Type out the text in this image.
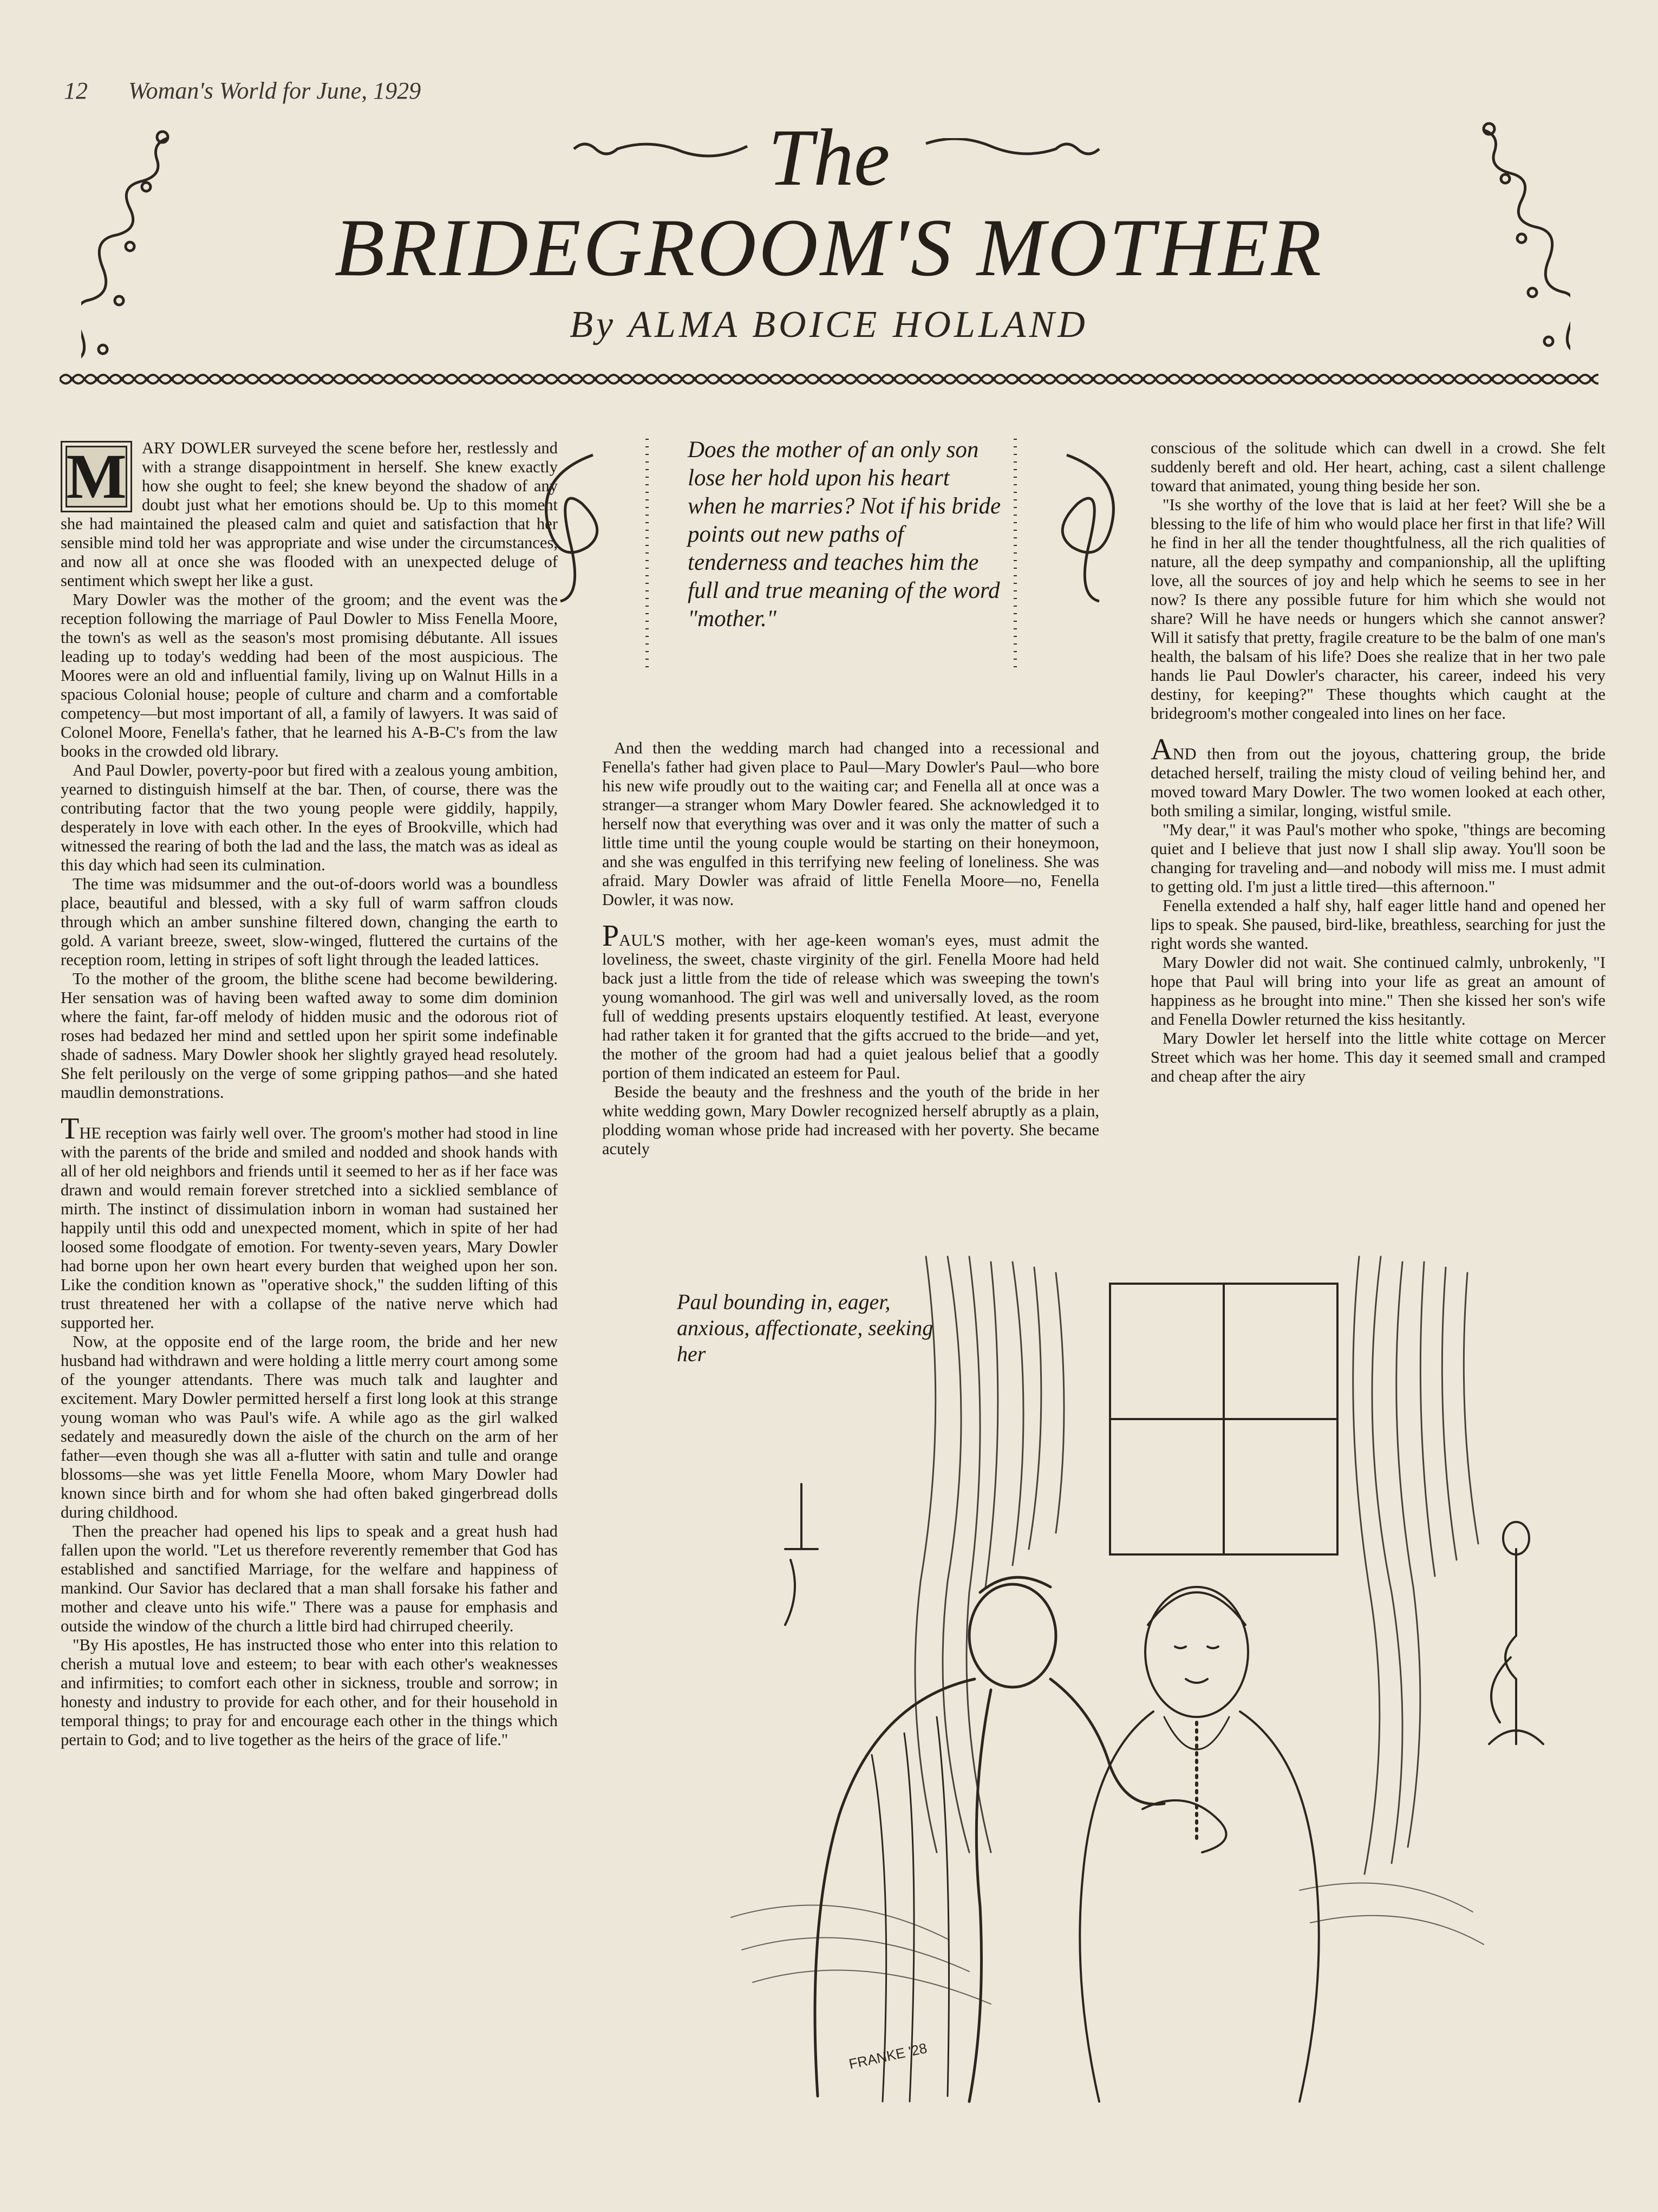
12 Woman's World for June, 1929
The
BRIDEGROOM'S MOTHER
By ALMA BOICE HOLLAND

M ARY DOWLER surveyed the scene before her, restlessly and with a strange disappointment in herself. She knew exactly how she ought to feel; she knew beyond the shadow of any doubt just what her emotions should be. Up to this moment she had maintained the pleased calm and quiet and satisfaction that her sensible mind told her was appropriate and wise under the circumstances, and now all at once she was flooded with an unexpected deluge of sentiment which swept her like a gust.

Mary Dowler was the mother of the groom; and the event was the reception following the marriage of Paul Dowler to Miss Fenella Moore, the town's as well as the season's most promising débutante. All issues leading up to today's wedding had been of the most auspicious. The Moores were an old and influential family, living up on Walnut Hills in a spacious Colonial house; people of culture and charm and a comfortable competency—but most important of all, a family of lawyers. It was said of Colonel Moore, Fenella's father, that he learned his A-B-C's from the law books in the crowded old library.

And Paul Dowler, poverty-poor but fired with a zealous young ambition, yearned to distinguish himself at the bar. Then, of course, there was the contributing factor that the two young people were giddily, happily, desperately in love with each other. In the eyes of Brookville, which had witnessed the rearing of both the lad and the lass, the match was as ideal as this day which had seen its culmination.

The time was midsummer and the out-of-doors world was a boundless place, beautiful and blessed, with a sky full of warm saffron clouds through which an amber sunshine filtered down, changing the earth to gold. A variant breeze, sweet, slow-winged, fluttered the curtains of the reception room, letting in stripes of soft light through the leaded lattices.

To the mother of the groom, the blithe scene had become bewildering. Her sensation was of having been wafted away to some dim dominion where the faint, far-off melody of hidden music and the odorous riot of roses had bedazed her mind and settled upon her spirit some indefinable shade of sadness. Mary Dowler shook her slightly grayed head resolutely. She felt perilously on the verge of some gripping pathos—and she hated maudlin demonstrations.

THE reception was fairly well over. The groom's mother had stood in line with the parents of the bride and smiled and nodded and shook hands with all of her old neighbors and friends until it seemed to her as if her face was drawn and would remain forever stretched into a sicklied semblance of mirth. The instinct of dissimulation inborn in woman had sustained her happily until this odd and unexpected moment, which in spite of her had loosed some floodgate of emotion. For twenty-seven years, Mary Dowler had borne upon her own heart every burden that weighed upon her son. Like the condition known as "operative shock," the sudden lifting of this trust threatened her with a collapse of the native nerve which had supported her.

Now, at the opposite end of the large room, the bride and her new husband had withdrawn and were holding a little merry court among some of the younger attendants. There was much talk and laughter and excitement. Mary Dowler permitted herself a first long look at this strange young woman who was Paul's wife. A while ago as the girl walked sedately and measuredly down the aisle of the church on the arm of her father—even though she was all a-flutter with satin and tulle and orange blossoms—she was yet little Fenella Moore, whom Mary Dowler had known since birth and for whom she had often baked gingerbread dolls during childhood.

Then the preacher had opened his lips to speak and a great hush had fallen upon the world. "Let us therefore reverently remember that God has established and sanctified Marriage, for the welfare and happiness of mankind. Our Savior has declared that a man shall forsake his father and mother and cleave unto his wife." There was a pause for emphasis and outside the window of the church a little bird had chirruped cheerily.

"By His apostles, He has instructed those who enter into this relation to cherish a mutual love and esteem; to bear with each other's weaknesses and infirmities; to comfort each other in sickness, trouble and sorrow; in honesty and industry to provide for each other, and for their household in temporal things; to pray for and encourage each other in the things which pertain to God; and to live together as the heirs of the grace of life."

Does the mother of an only son lose her hold upon his heart when he marries? Not if his bride points out new paths of tenderness and teaches him the full and true meaning of the word "mother."

And then the wedding march had changed into a recessional and Fenella's father had given place to Paul—Mary Dowler's Paul—who bore his new wife proudly out to the waiting car; and Fenella all at once was a stranger—a stranger whom Mary Dowler feared. She acknowledged it to herself now that everything was over and it was only the matter of such a little time until the young couple would be starting on their honeymoon, and she was engulfed in this terrifying new feeling of loneliness. She was afraid. Mary Dowler was afraid of little Fenella Moore—no, Fenella Dowler, it was now.

PAUL'S mother, with her age-keen woman's eyes, must admit the loveliness, the sweet, chaste virginity of the girl. Fenella Moore had held back just a little from the tide of release which was sweeping the town's young womanhood. The girl was well and universally loved, as the room full of wedding presents upstairs eloquently testified. At least, everyone had rather taken it for granted that the gifts accrued to the bride—and yet, the mother of the groom had had a quiet jealous belief that a goodly portion of them indicated an esteem for Paul.

Beside the beauty and the freshness and the youth of the bride in her white wedding gown, Mary Dowler recognized herself abruptly as a plain, plodding woman whose pride had increased with her poverty. She became acutely

conscious of the solitude which can dwell in a crowd. She felt suddenly bereft and old. Her heart, aching, cast a silent challenge toward that animated, young thing beside her son.

"Is she worthy of the love that is laid at her feet? Will she be a blessing to the life of him who would place her first in that life? Will he find in her all the tender thoughtfulness, all the rich qualities of nature, all the deep sympathy and companionship, all the uplifting love, all the sources of joy and help which he seems to see in her now? Is there any possible future for him which she would not share? Will he have needs or hungers which she cannot answer? Will it satisfy that pretty, fragile creature to be the balm of one man's health, the balsam of his life? Does she realize that in her two pale hands lie Paul Dowler's character, his career, indeed his very destiny, for keeping?" These thoughts which caught at the bridegroom's mother congealed into lines on her face.

AND then from out the joyous, chattering group, the bride detached herself, trailing the misty cloud of veiling behind her, and moved toward Mary Dowler. The two women looked at each other, both smiling a similar, longing, wistful smile.

"My dear," it was Paul's mother who spoke, "things are becoming quiet and I believe that just now I shall slip away. You'll soon be changing for traveling and—and nobody will miss me. I must admit to getting old. I'm just a little tired—this afternoon."

Fenella extended a half shy, half eager little hand and opened her lips to speak. She paused, bird-like, breathless, searching for just the right words she wanted.

Mary Dowler did not wait. She continued calmly, unbrokenly, "I hope that Paul will bring into your life as great an amount of happiness as he brought into mine." Then she kissed her son's wife and Fenella Dowler returned the kiss hesitantly.

Mary Dowler let herself into the little white cottage on Mercer Street which was her home. This day it seemed small and cramped and cheap after the airy

FRANKE '28
Paul bounding in, eager, anxious, affectionate, seeking her
